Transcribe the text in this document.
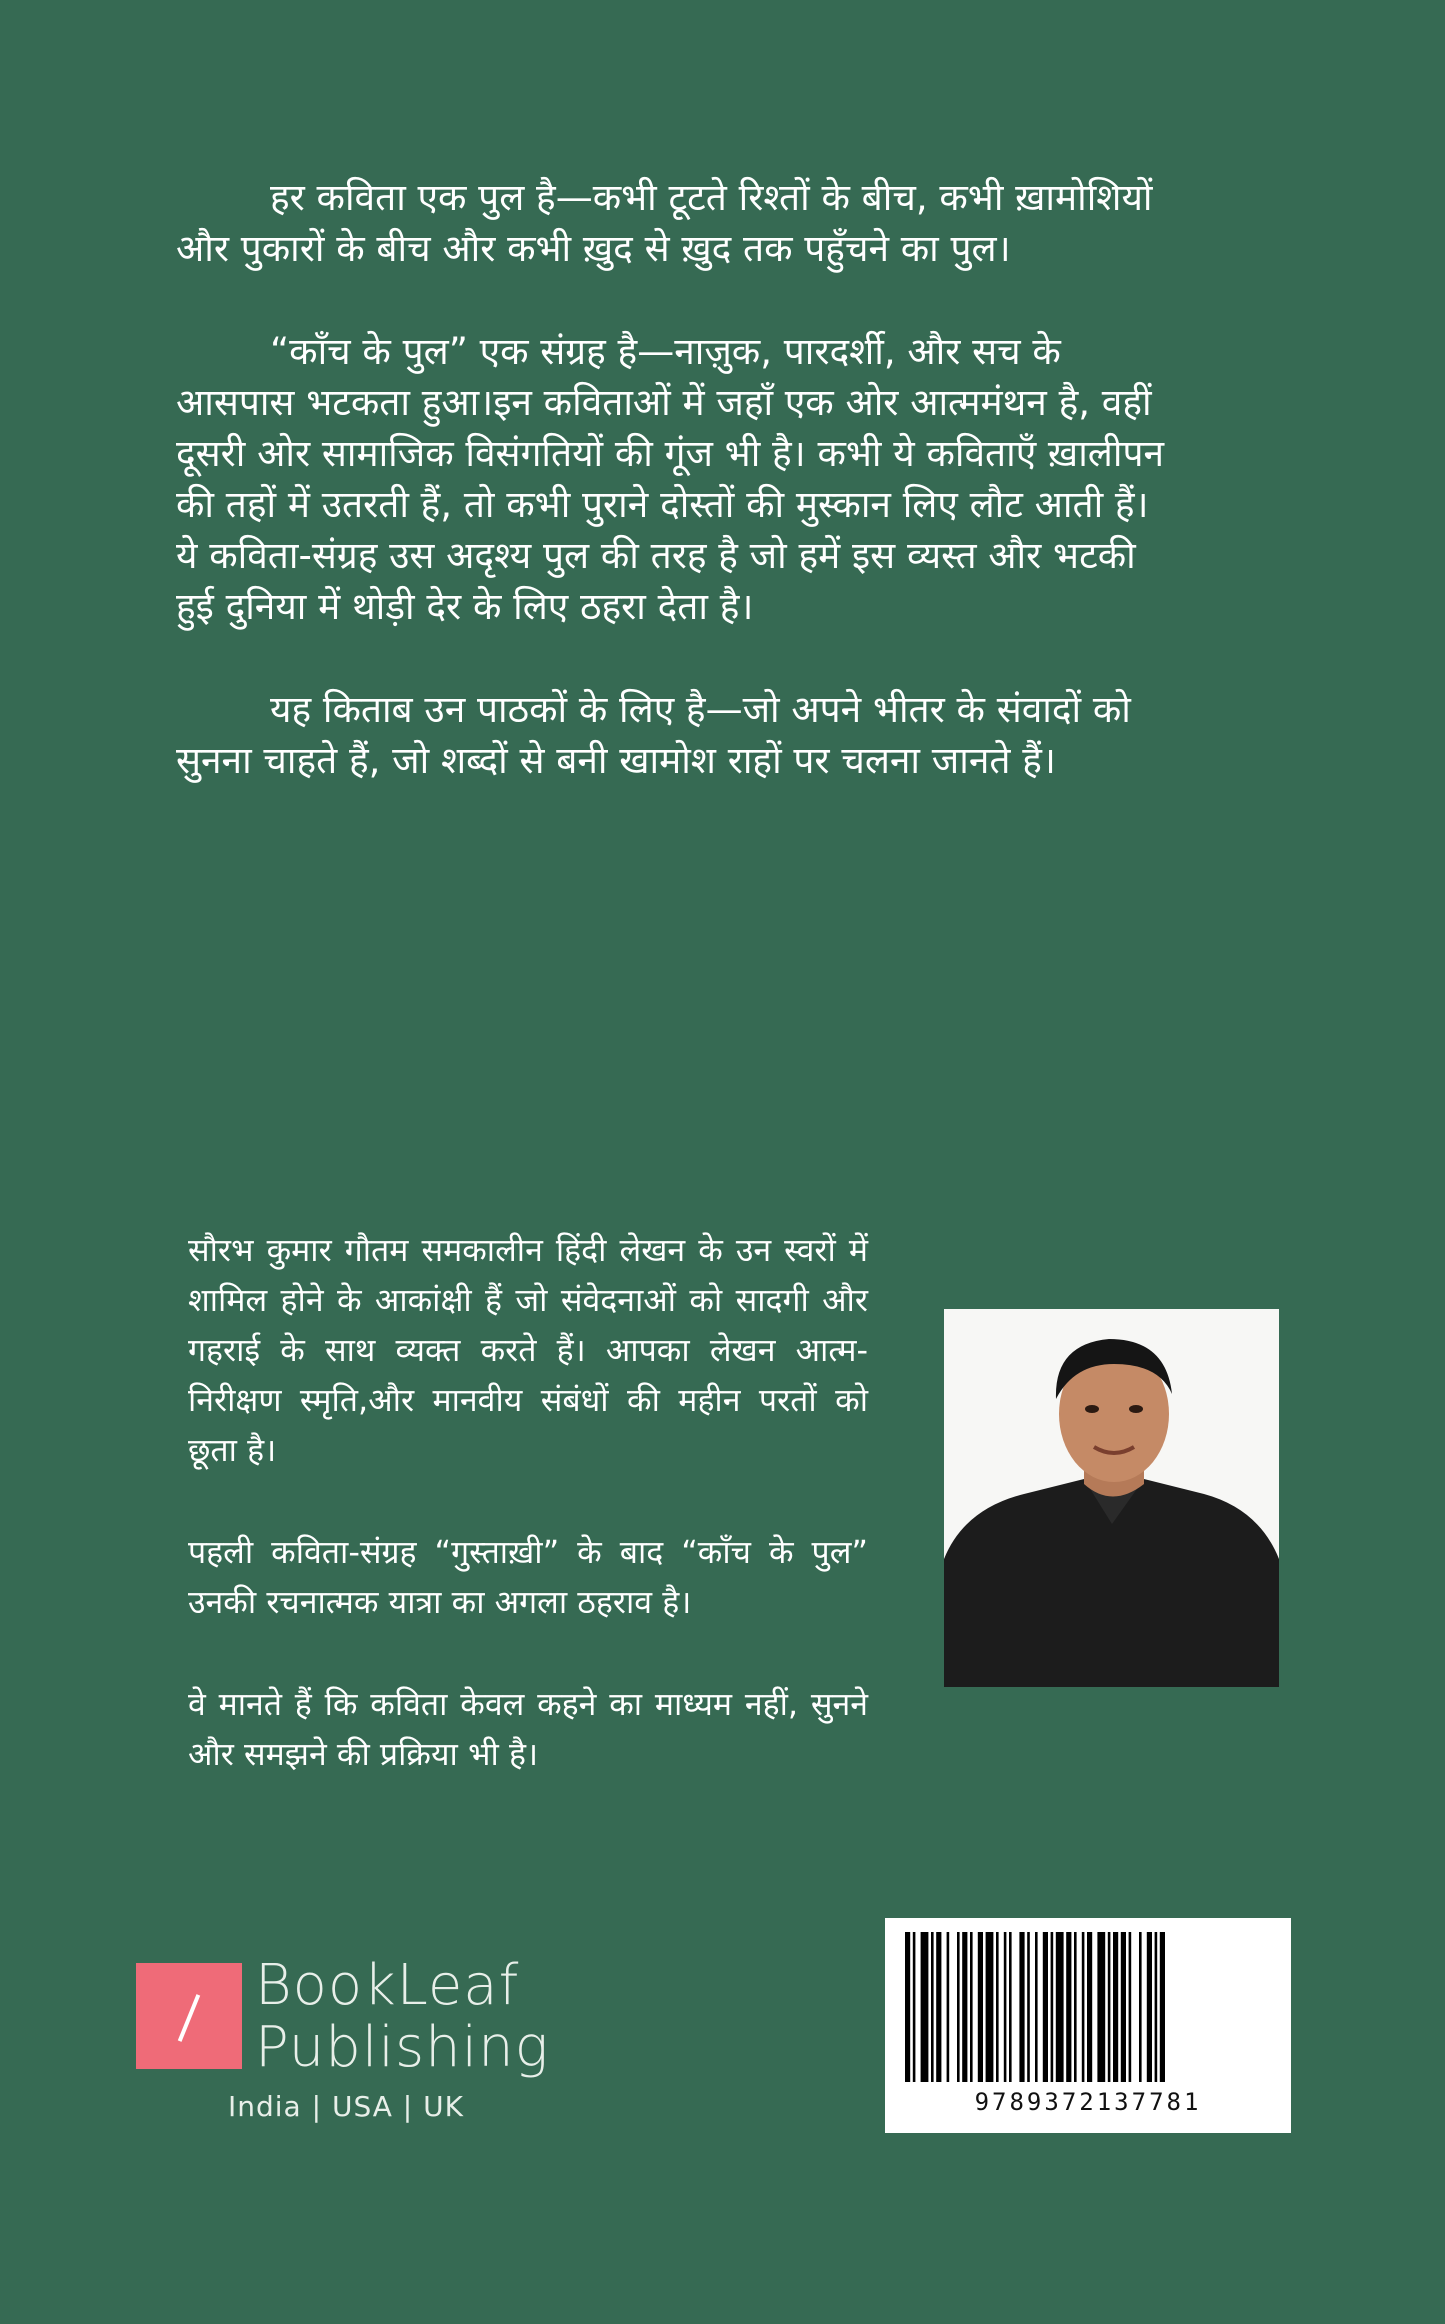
हर कविता एक पुल है—कभी टूटते रिश्तों के बीच, कभी ख़ामोशियों और पुकारों के बीच और कभी ख़ुद से ख़ुद तक पहुँचने का पुल।

“काँच के पुल” एक संग्रह है—नाज़ुक, पारदर्शी, और सच के आसपास भटकता हुआ।इन कविताओं में जहाँ एक ओर आत्ममंथन है, वहीं दूसरी ओर सामाजिक विसंगतियों की गूंज भी है। कभी ये कविताएँ ख़ालीपन की तहों में उतरती हैं, तो कभी पुराने दोस्तों की मुस्कान लिए लौट आती हैं। ये कविता-संग्रह उस अदृश्य पुल की तरह है जो हमें इस व्यस्त और भटकी हुई दुनिया में थोड़ी देर के लिए ठहरा देता है।

यह किताब उन पाठकों के लिए है—जो अपने भीतर के संवादों को सुनना चाहते हैं, जो शब्दों से बनी खामोश राहों पर चलना जानते हैं।

सौरभ कुमार गौतम समकालीन हिंदी लेखन के उन स्वरों में शामिल होने के आकांक्षी हैं जो संवेदनाओं को सादगी और गहराई के साथ व्यक्त करते हैं। आपका लेखन आत्म-निरीक्षण स्मृति,और मानवीय संबंधों की महीन परतों को छूता है।

पहली कविता-संग्रह “गुस्ताख़ी” के बाद “काँच के पुल” उनकी रचनात्मक यात्रा का अगला ठहराव है।

वे मानते हैं कि कविता केवल कहने का माध्यम नहीं, सुनने और समझने की प्रक्रिया भी है।

BookLeaf
Publishing
India | USA | UK	9789372137781
